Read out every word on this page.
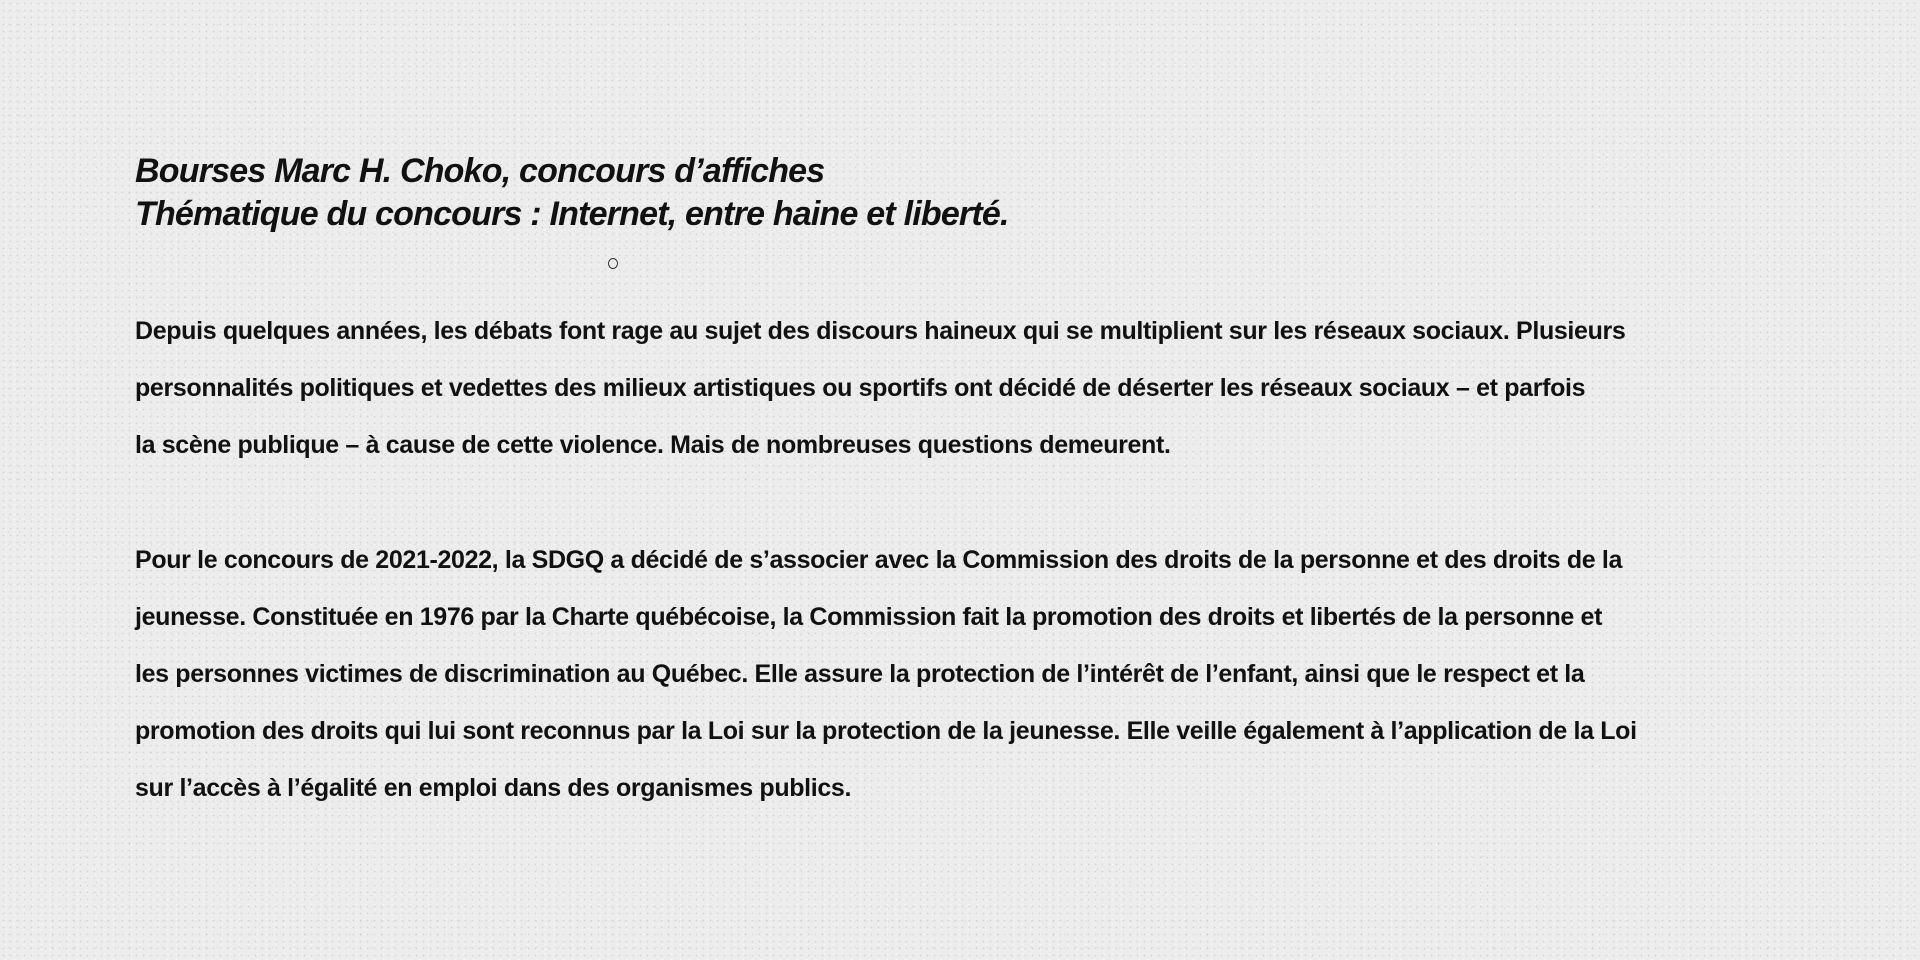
Bourses Marc H. Choko, concours d’affiches
Thématique du concours : Internet, entre haine et liberté.

Depuis quelques années, les débats font rage au sujet des discours haineux qui se multiplient sur les réseaux sociaux. Plusieurs
personnalités politiques et vedettes des milieux artistiques ou sportifs ont décidé de déserter les réseaux sociaux – et parfois
la scène publique – à cause de cette violence. Mais de nombreuses questions demeurent.

Pour le concours de 2021-2022, la SDGQ a décidé de s’associer avec la Commission des droits de la personne et des droits de la
jeunesse. Constituée en 1976 par la Charte québécoise, la Commission fait la promotion des droits et libertés de la personne et
les personnes victimes de discrimination au Québec. Elle assure la protection de l’intérêt de l’enfant, ainsi que le respect et la
promotion des droits qui lui sont reconnus par la Loi sur la protection de la jeunesse. Elle veille également à l’application de la Loi
sur l’accès à l’égalité en emploi dans des organismes publics.
